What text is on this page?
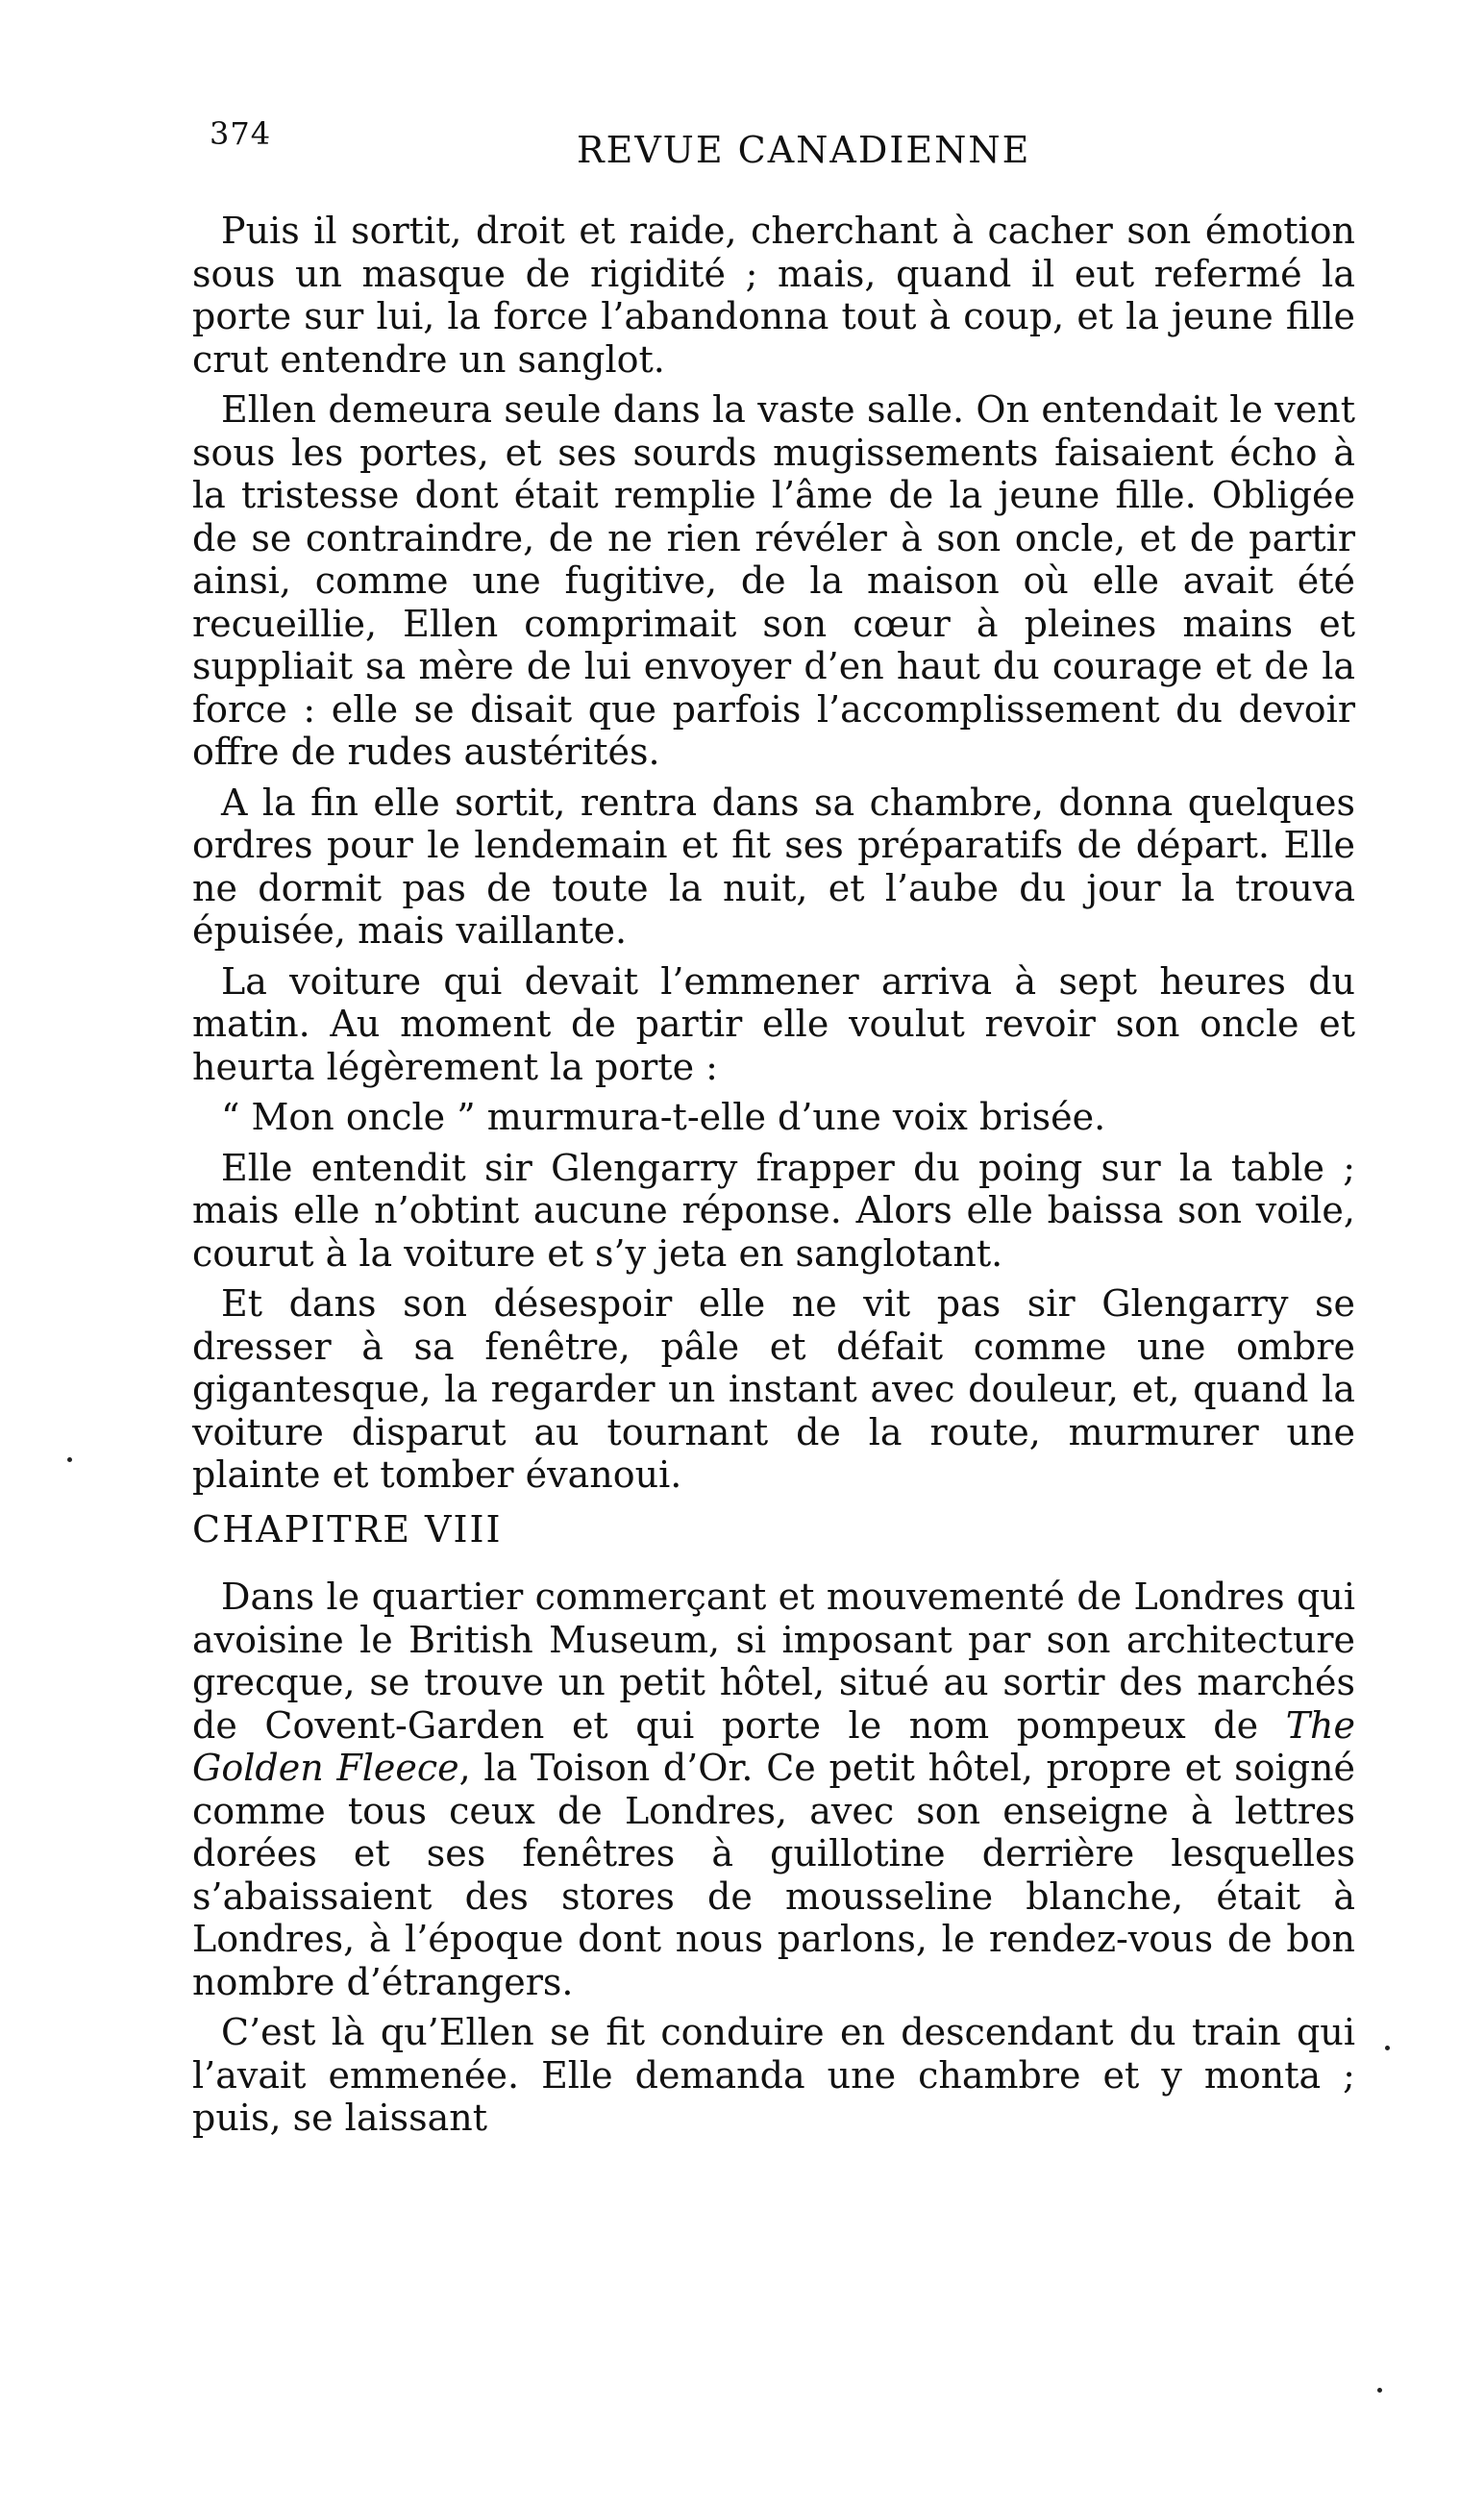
374	REVUE CANADIENNE

Puis il sortit, droit et raide, cherchant à cacher son émotion sous un masque de rigidité ; mais, quand il eut refermé la porte sur lui, la force l’abandonna tout à coup, et la jeune fille crut entendre un sanglot.

Ellen demeura seule dans la vaste salle. On entendait le vent sous les portes, et ses sourds mugissements faisaient écho à la tristesse dont était remplie l’âme de la jeune fille. Obligée de se contraindre, de ne rien révéler à son oncle, et de partir ainsi, comme une fugitive, de la maison où elle avait été recueillie, Ellen comprimait son cœur à pleines mains et suppliait sa mère de lui envoyer d’en haut du courage et de la force : elle se disait que parfois l’accomplissement du devoir offre de rudes austérités.

A la fin elle sortit, rentra dans sa chambre, donna quelques ordres pour le lendemain et fit ses préparatifs de départ. Elle ne dormit pas de toute la nuit, et l’aube du jour la trouva épuisée, mais vaillante.

La voiture qui devait l’emmener arriva à sept heures du matin. Au moment de partir elle voulut revoir son oncle et heurta légèrement la porte :

“ Mon oncle ” murmura-t-elle d’une voix brisée.

Elle entendit sir Glengarry frapper du poing sur la table ; mais elle n’obtint aucune réponse. Alors elle baissa son voile, courut à la voiture et s’y jeta en sanglotant.

Et dans son désespoir elle ne vit pas sir Glengarry se dresser à sa fenêtre, pâle et défait comme une ombre gigantesque, la regarder un instant avec douleur, et, quand la voiture disparut au tournant de la route, murmurer une plainte et tomber évanoui.

CHAPITRE VIII

Dans le quartier commerçant et mouvementé de Londres qui avoisine le British Museum, si imposant par son architecture grecque, se trouve un petit hôtel, situé au sortir des marchés de Covent-Garden et qui porte le nom pompeux de The Golden Fleece, la Toison d’Or. Ce petit hôtel, propre et soigné comme tous ceux de Londres, avec son enseigne à lettres dorées et ses fenêtres à guillotine derrière lesquelles s’abaissaient des stores de mousseline blanche, était à Londres, à l’époque dont nous parlons, le rendez-vous de bon nombre d’étrangers.

C’est là qu’Ellen se fit conduire en descendant du train qui l’avait emmenée. Elle demanda une chambre et y monta ; puis, se laissant
